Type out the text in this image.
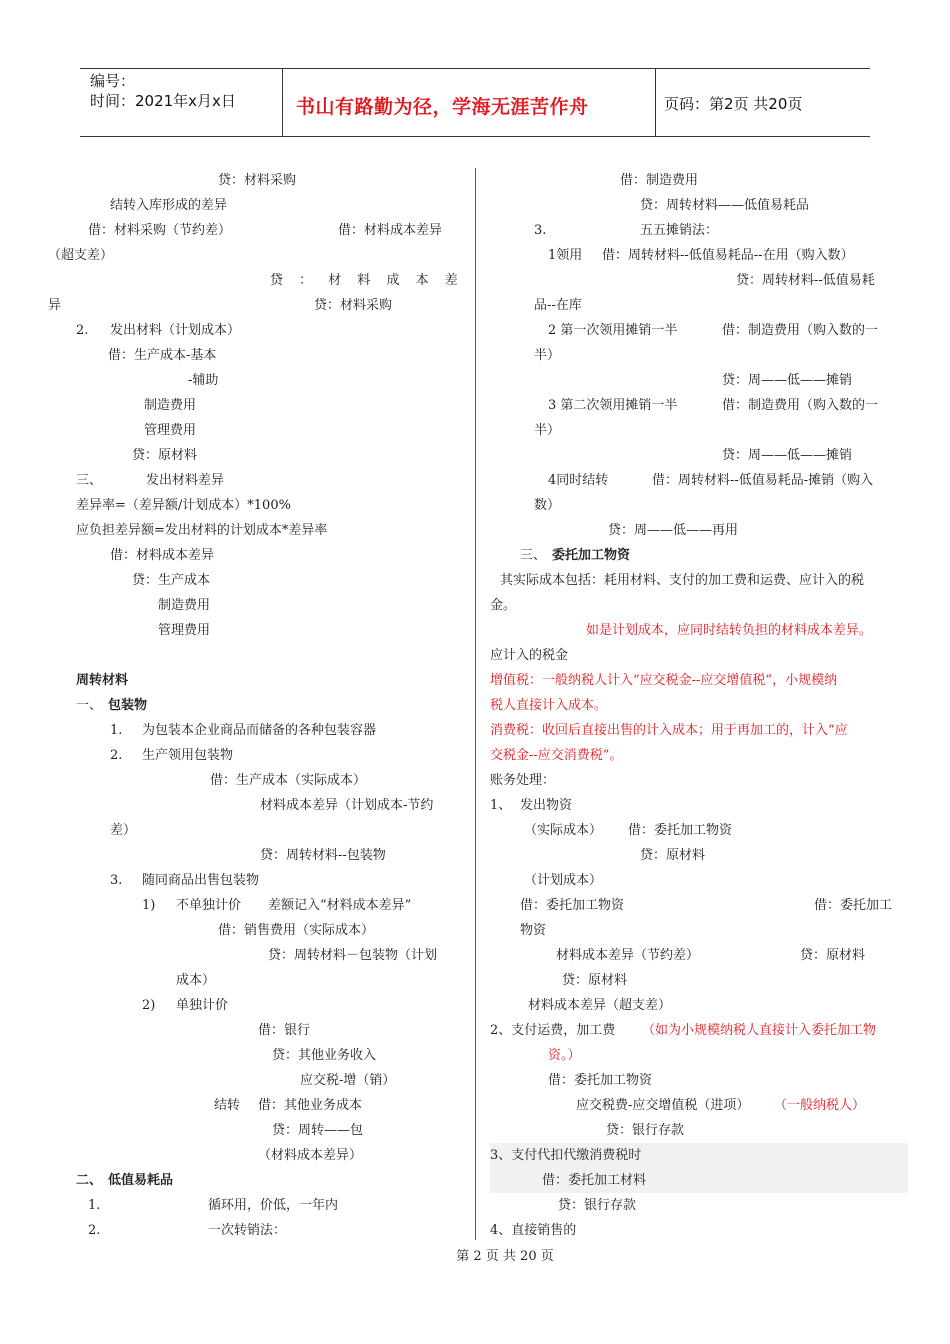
编号：
时间：2021年x月x日	书山有路勤为径，学海无涯苦作舟	页码：第2页 共20页
贷：材料采购
结转入库形成的差异
借：材料采购（节约差）	借：材料成本差异
（超支差）
贷 ： 材 料 成 本 差
异	贷：材料采购
2. 发出材料（计划成本）
借：生产成本-基本
-辅助
制造费用
管理费用
贷：原材料
三、	发出材料差异
差异率=（差异额/计划成本）*100%
应负担差异额=发出材料的计划成本*差异率
借：材料成本差异
贷：生产成本
制造费用
管理费用
周转材料
一、 包装物
1. 为包装本企业商品而储备的各种包装容器
2. 生产领用包装物
借：生产成本（实际成本）
材料成本差异（计划成本-节约
差）
贷：周转材料--包装物
3. 随同商品出售包装物
1) 不单独计价 差额记入“材料成本差异”
借：销售费用（实际成本）
贷：周转材料－包装物（计划
成本）
2) 单独计价
借：银行
贷：其他业务收入
应交税-增（销）
结转 借：其他业务成本
贷：周转——包
（材料成本差异）
二、 低值易耗品
1.	循环用，价低，一年内
2.	一次转销法：
借：制造费用
贷：周转材料——低值易耗品
3.	五五摊销法：
1领用 借：周转材料--低值易耗品--在用（购入数）
贷：周转材料--低值易耗
品--在库
2 第一次领用摊销一半	借：制造费用（购入数的一
半）
贷：周——低——摊销
3 第二次领用摊销一半	借：制造费用（购入数的一
半）
贷：周——低——摊销
4同时结转	借：周转材料--低值易耗品-摊销（购入
数）
贷：周——低——再用
三、 委托加工物资
其实际成本包括：耗用材料、支付的加工费和运费、应计入的税
金。
如是计划成本，应同时结转负担的材料成本差异。
应计入的税金
增值税：一般纳税人计入“应交税金--应交增值税”，小规模纳
税人直接计入成本。
消费税：收回后直接出售的计入成本；用于再加工的，计入“应
交税金--应交消费税”。
账务处理：
1、 发出物资
（实际成本） 借：委托加工物资
贷：原材料
（计划成本）
借：委托加工物资	借：委托加工
物资
材料成本差异（节约差）	贷：原材料
贷：原材料
材料成本差异（超支差）
2、支付运费，加工费 （如为小规模纳税人直接计入委托加工物
资。）
借：委托加工物资
应交税费-应交增值税（进项） （一般纳税人）
贷：银行存款
3、支付代扣代缴消费税时
借：委托加工材料
贷：银行存款
4、直接销售的
第 2 页 共 20 页
